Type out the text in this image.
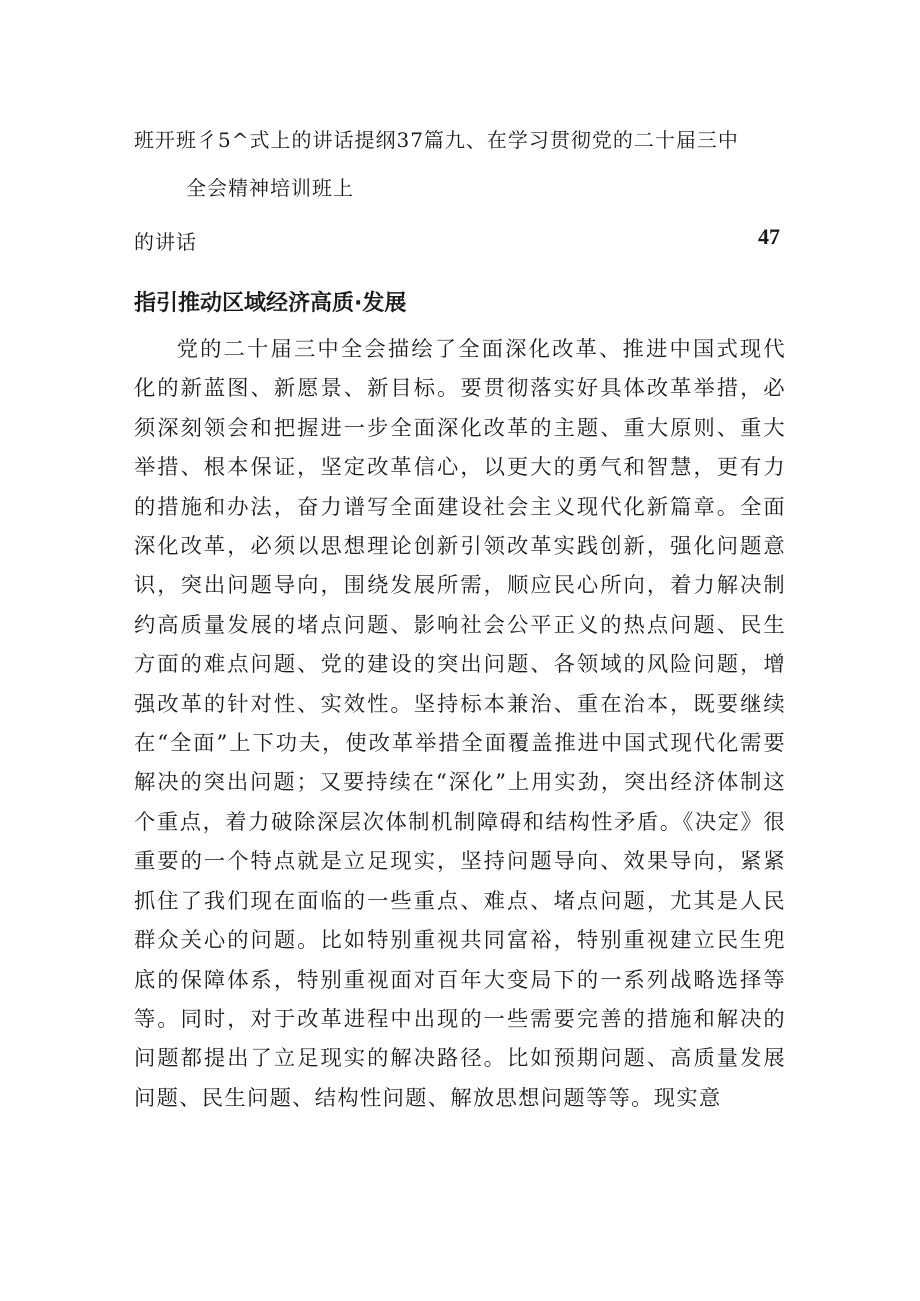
班开班彳5^式上的讲话提纲37篇九、在学习贯彻党的二十届三中
全会精神培训班上
的讲话	47
指引推动区域经济高质·发展

党的二十届三中全会描绘了全面深化改革、推进中国式现代化的新蓝图、新愿景、新目标。要贯彻落实好具体改革举措，必须深刻领会和把握进一步全面深化改革的主题、重大原则、重大举措、根本保证，坚定改革信心，以更大的勇气和智慧，更有力的措施和办法，奋力谱写全面建设社会主义现代化新篇章。全面深化改革，必须以思想理论创新引领改革实践创新，强化问题意识，突出问题导向，围绕发展所需，顺应民心所向，着力解决制约高质量发展的堵点问题、影响社会公平正义的热点问题、民生方面的难点问题、党的建设的突出问题、各领域的风险问题，增强改革的针对性、实效性。坚持标本兼治、重在治本，既要继续在“全面”上下功夫，使改革举措全面覆盖推进中国式现代化需要解决的突出问题；又要持续在“深化”上用实劲，突出经济体制这个重点，着力破除深层次体制机制障碍和结构性矛盾。《决定》很重要的一个特点就是立足现实，坚持问题导向、效果导向，紧紧抓住了我们现在面临的一些重点、难点、堵点问题，尤其是人民群众关心的问题。比如特别重视共同富裕，特别重视建立民生兜底的保障体系，特别重视面对百年大变局下的一系列战略选择等等。同时，对于改革进程中出现的一些需要完善的措施和解决的问题都提出了立足现实的解决路径。比如预期问题、高质量发展问题、民生问题、结构性问题、解放思想问题等等。现实意
